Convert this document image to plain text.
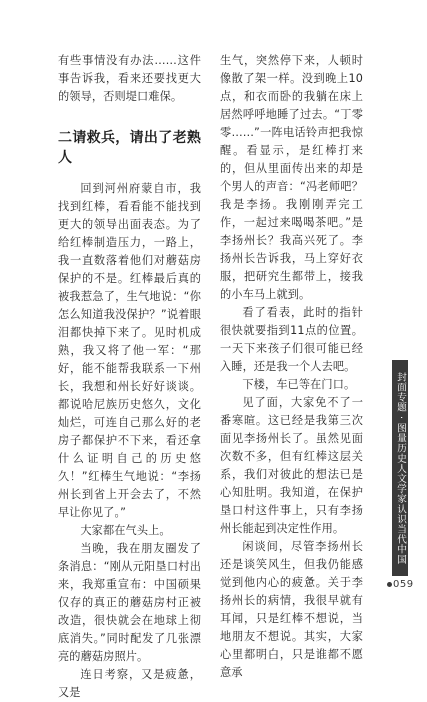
有些事情没有办法……这件事告诉我，看来还要找更大的领导，否则堤口难保。

二请救兵，请出了老熟人

回到河州府蒙自市，我找到红棒，看看能不能找到更大的领导出面表态。为了给红棒制造压力，一路上，我一直数落着他们对蘑菇房保护的不是。红棒最后真的被我惹急了，生气地说：“你怎么知道我没保护？”说着眼泪都快掉下来了。见时机成熟，我又将了他一军：“那好，能不能帮我联系一下州长，我想和州长好好谈谈。都说哈尼族历史悠久，文化灿烂，可连自己那么好的老房子都保护不下来，看还拿什么证明自己的历史悠久！”红棒生气地说：“李扬州长到省上开会去了，不然早让你见了。”

大家都在气头上。

当晚，我在朋友圈发了条消息：“刚从元阳垦口村出来，我郑重宣布：中国硕果仅存的真正的蘑菇房村正被改造，很快就会在地球上彻底消失。”同时配发了几张漂亮的蘑菇房照片。

连日考察，又是疲惫，又是

生气，突然停下来，人顿时像散了架一样。没到晚上10点，和衣而卧的我躺在床上居然呼呼地睡了过去。“丁零零……”一阵电话铃声把我惊醒。看显示，是红棒打来的，但从里面传出来的却是个男人的声音：“冯老师吧？我是李扬。我刚刚弄完工作，一起过来喝喝茶吧。”是李扬州长？我高兴死了。李扬州长告诉我，马上穿好衣服，把研究生都带上，接我的小车马上就到。

看了看表，此时的指针很快就要指到11点的位置。一天下来孩子们很可能已经入睡，还是我一个人去吧。

下楼，车已等在门口。

见了面，大家免不了一番寒暄。这已经是我第三次面见李扬州长了。虽然见面次数不多，但有红棒这层关系，我们对彼此的想法已是心知肚明。我知道，在保护垦口村这件事上，只有李扬州长能起到决定性作用。

闲谈间，尽管李扬州长还是谈笑风生，但我仍能感觉到他内心的疲惫。关于李扬州长的病情，我很早就有耳闻，只是红棒不想说，当地朋友不想说。其实，大家心里都明白，只是谁都不愿意承

封面专题 · 图量历史人文学家认识当代中国
059
